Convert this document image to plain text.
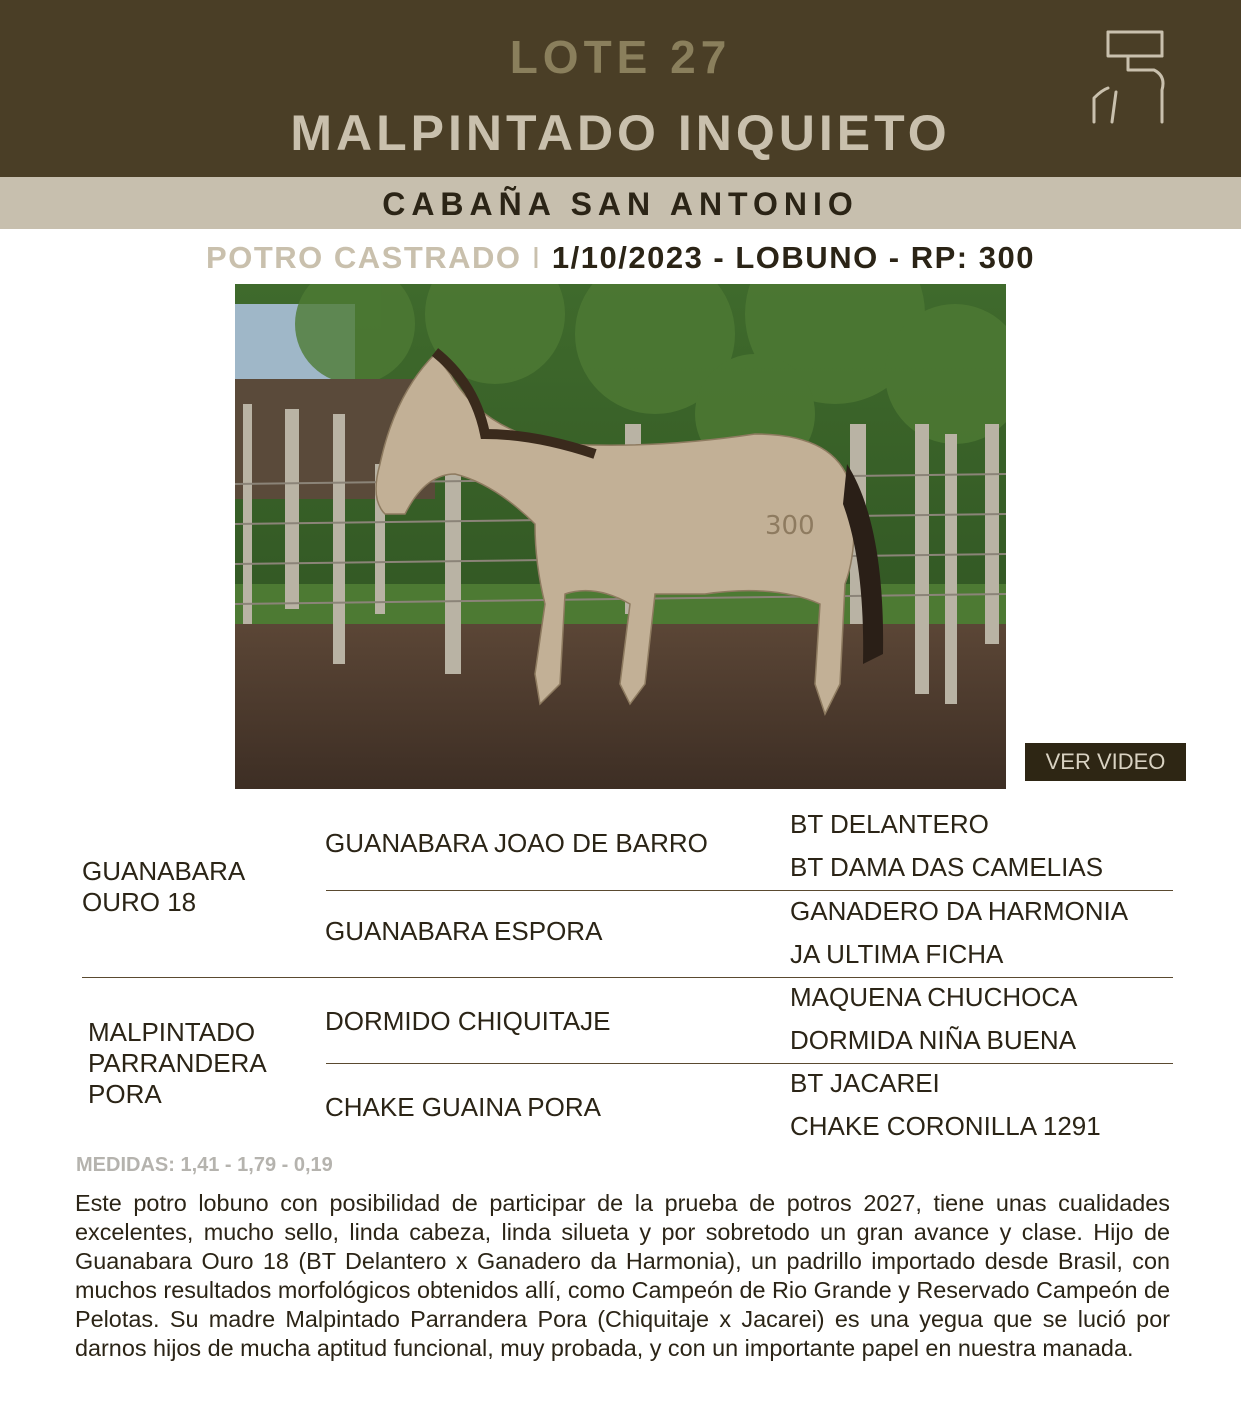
LOTE 27
MALPINTADO INQUIETO
CABAÑA SAN ANTONIO
POTRO CASTRADO I 1/10/2023 - LOBUNO - RP: 300
300
VER VIDEO
GUANABARA OURO 18
GUANABARA JOAO DE BARRO
BT DELANTERO
BT DAMA DAS CAMELIAS
GUANABARA ESPORA
GANADERO DA HARMONIA
JA ULTIMA FICHA
MALPINTADO PARRANDERA PORA
DORMIDO CHIQUITAJE
MAQUENA CHUCHOCA
DORMIDA NIÑA BUENA
CHAKE GUAINA PORA
BT JACAREI
CHAKE CORONILLA 1291
MEDIDAS: 1,41 - 1,79 - 0,19
Este potro lobuno con posibilidad de participar de la prueba de potros 2027, tiene unas cualidades excelentes, mucho sello, linda cabeza, linda silueta y por sobretodo un gran avance y clase. Hijo de Guanabara Ouro 18 (BT Delantero x Ganadero da Harmonia), un padrillo importado desde Brasil, con muchos resultados morfológicos obtenidos allí, como Campeón de Rio Grande y Reservado Campeón de Pelotas. Su madre Malpintado Parrandera Pora (Chiquitaje x Jacarei) es una yegua que se lució por darnos hijos de mucha aptitud funcional, muy probada, y con un importante papel en nuestra manada.
